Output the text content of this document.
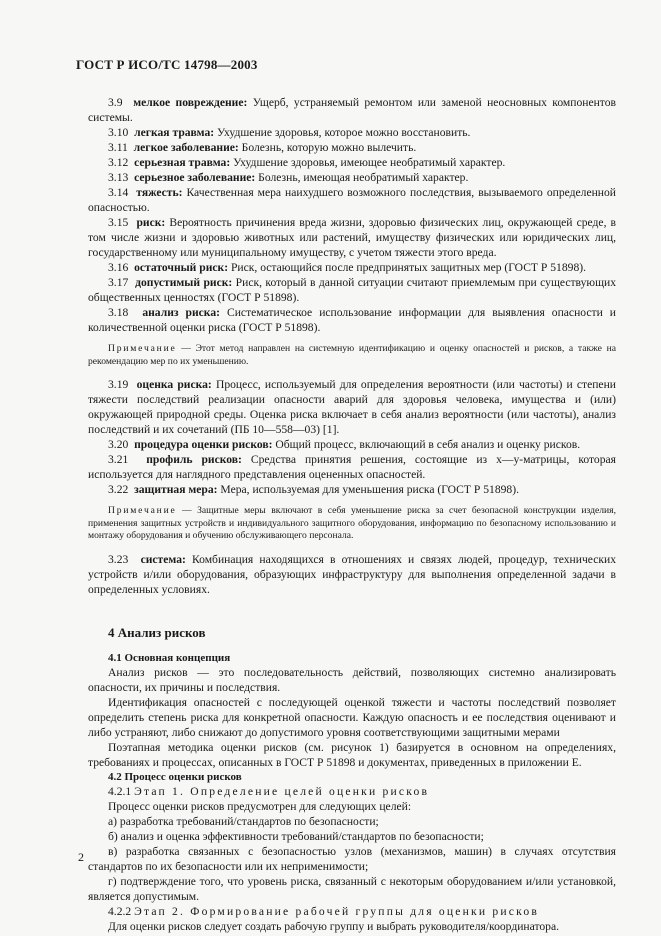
ГОСТ Р ИСО/ТС 14798—2003

3.9 мелкое повреждение: Ущерб, устраняемый ремонтом или заменой неосновных компонентов системы.

3.10 легкая травма: Ухудшение здоровья, которое можно восстановить.

3.11 легкое заболевание: Болезнь, которую можно вылечить.

3.12 серьезная травма: Ухудшение здоровья, имеющее необратимый характер.

3.13 серьезное заболевание: Болезнь, имеющая необратимый характер.

3.14 тяжесть: Качественная мера наихудшего возможного последствия, вызываемого определенной опасностью.

3.15 риск: Вероятность причинения вреда жизни, здоровью физических лиц, окружающей среде, в том числе жизни и здоровью животных или растений, имуществу физических или юридических лиц, государственному или муниципальному имуществу, с учетом тяжести этого вреда.

3.16 остаточный риск: Риск, остающийся после предпринятых защитных мер (ГОСТ Р 51898).

3.17 допустимый риск: Риск, который в данной ситуации считают приемлемым при существующих общественных ценностях (ГОСТ Р 51898).

3.18 анализ риска: Систематическое использование информации для выявления опасности и количественной оценки риска (ГОСТ Р 51898).

Примечание — Этот метод направлен на системную идентификацию и оценку опасностей и рисков, а также на рекомендацию мер по их уменьшению.

3.19 оценка риска: Процесс, используемый для определения вероятности (или частоты) и степени тяжести последствий реализации опасности аварий для здоровья человека, имущества и (или) окружающей природной среды. Оценка риска включает в себя анализ вероятности (или частоты), анализ последствий и их сочетаний (ПБ 10—558—03) [1].

3.20 процедура оценки рисков: Общий процесс, включающий в себя анализ и оценку рисков.

3.21 профиль рисков: Средства принятия решения, состоящие из x—y-матрицы, которая используется для наглядного представления оцененных опасностей.

3.22 защитная мера: Мера, используемая для уменьшения риска (ГОСТ Р 51898).

Примечание — Защитные меры включают в себя уменьшение риска за счет безопасной конструкции изделия, применения защитных устройств и индивидуального защитного оборудования, информацию по безопасному использованию и монтажу оборудования и обучению обслуживающего персонала.

3.23 система: Комбинация находящихся в отношениях и связях людей, процедур, технических устройств и/или оборудования, образующих инфраструктуру для выполнения определенной задачи в определенных условиях.

4 Анализ рисков

4.1 Основная концепция

Анализ рисков — это последовательность действий, позволяющих системно анализировать опасности, их причины и последствия.

Идентификация опасностей с последующей оценкой тяжести и частоты последствий позволяет определить степень риска для конкретной опасности. Каждую опасность и ее последствия оценивают и либо устраняют, либо снижают до допустимого уровня соответствующими защитными мерами

Поэтапная методика оценки рисков (см. рисунок 1) базируется в основном на определениях, требованиях и процессах, описанных в ГОСТ Р 51898 и документах, приведенных в приложении Е.

4.2 Процесс оценки рисков

4.2.1 Этап 1. Определение целей оценки рисков

Процесс оценки рисков предусмотрен для следующих целей:

а) разработка требований/стандартов по безопасности;

б) анализ и оценка эффективности требований/стандартов по безопасности;

в) разработка связанных с безопасностью узлов (механизмов, машин) в случаях отсутствия стандартов по их безопасности или их неприменимости;

г) подтверждение того, что уровень риска, связанный с некоторым оборудованием и/или установкой, является допустимым.

4.2.2 Этап 2. Формирование рабочей группы для оценки рисков

Для оценки рисков следует создать рабочую группу и выбрать руководителя/координатора.

2
